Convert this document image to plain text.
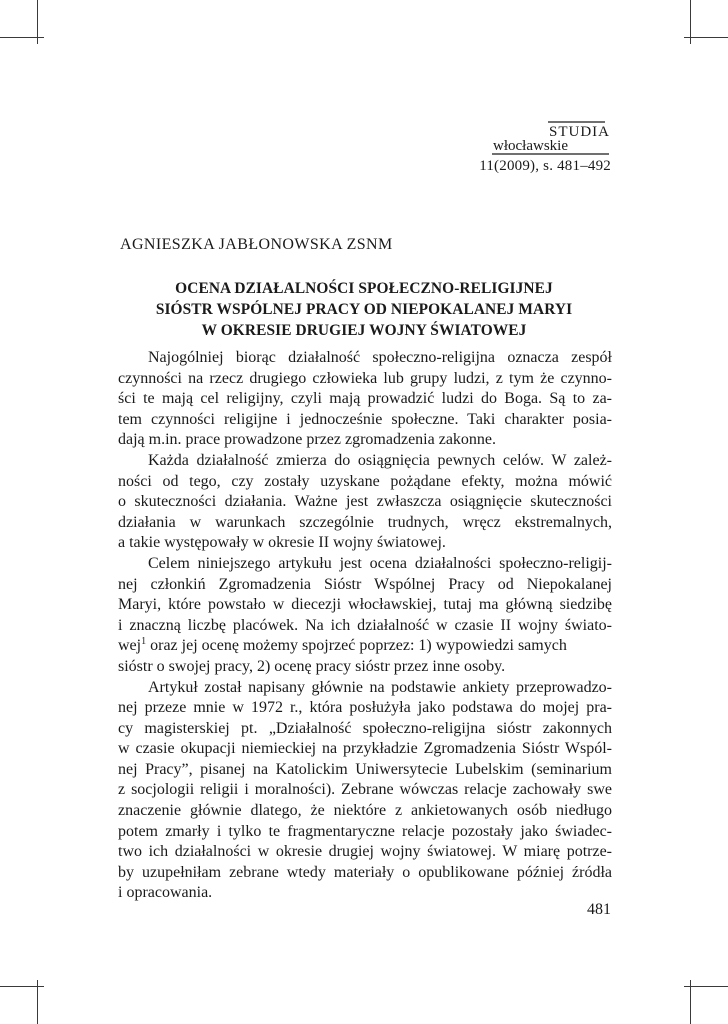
STUDIA
włocławskie
11(2009), s. 481–492
AGNIESZKA JABŁONOWSKA ZSNM
OCENA DZIAŁALNOŚCI SPOŁECZNO-RELIGIJNEJ
SIÓSTR WSPÓLNEJ PRACY OD NIEPOKALANEJ MARYI
W OKRESIE DRUGIEJ WOJNY ŚWIATOWEJ
Najogólniej biorąc działalność społeczno-religijna oznacza zespół
czynności na rzecz drugiego człowieka lub grupy ludzi, z tym że czynno-
ści te mają cel religijny, czyli mają prowadzić ludzi do Boga. Są to za-
tem czynności religijne i jednocześnie społeczne. Taki charakter posia-
dają m.in. prace prowadzone przez zgromadzenia zakonne.
Każda działalność zmierza do osiągnięcia pewnych celów. W zależ-
ności od tego, czy zostały uzyskane pożądane efekty, można mówić
o skuteczności działania. Ważne jest zwłaszcza osiągnięcie skuteczności
działania w warunkach szczególnie trudnych, wręcz ekstremalnych,
a takie występowały w okresie II wojny światowej.
Celem niniejszego artykułu jest ocena działalności społeczno-religij-
nej członkiń Zgromadzenia Sióstr Wspólnej Pracy od Niepokalanej
Maryi, które powstało w diecezji włocławskiej, tutaj ma główną siedzibę
i znaczną liczbę placówek. Na ich działalność w czasie II wojny świato-
wej$^1$ oraz jej ocenę możemy spojrzeć poprzez: 1) wypowiedzi samych
sióstr o swojej pracy, 2) ocenę pracy sióstr przez inne osoby.
Artykuł został napisany głównie na podstawie ankiety przeprowadzo-
nej przeze mnie w 1972 r., która posłużyła jako podstawa do mojej pra-
cy magisterskiej pt. „Działalność społeczno-religijna sióstr zakonnych
w czasie okupacji niemieckiej na przykładzie Zgromadzenia Sióstr Wspól-
nej Pracy”, pisanej na Katolickim Uniwersytecie Lubelskim (seminarium
z socjologii religii i moralności). Zebrane wówczas relacje zachowały swe
znaczenie głównie dlatego, że niektóre z ankietowanych osób niedługo
potem zmarły i tylko te fragmentaryczne relacje pozostały jako świadec-
two ich działalności w okresie drugiej wojny światowej. W miarę potrze-
by uzupełniłam zebrane wtedy materiały o opublikowane później źródła
i opracowania.
481
